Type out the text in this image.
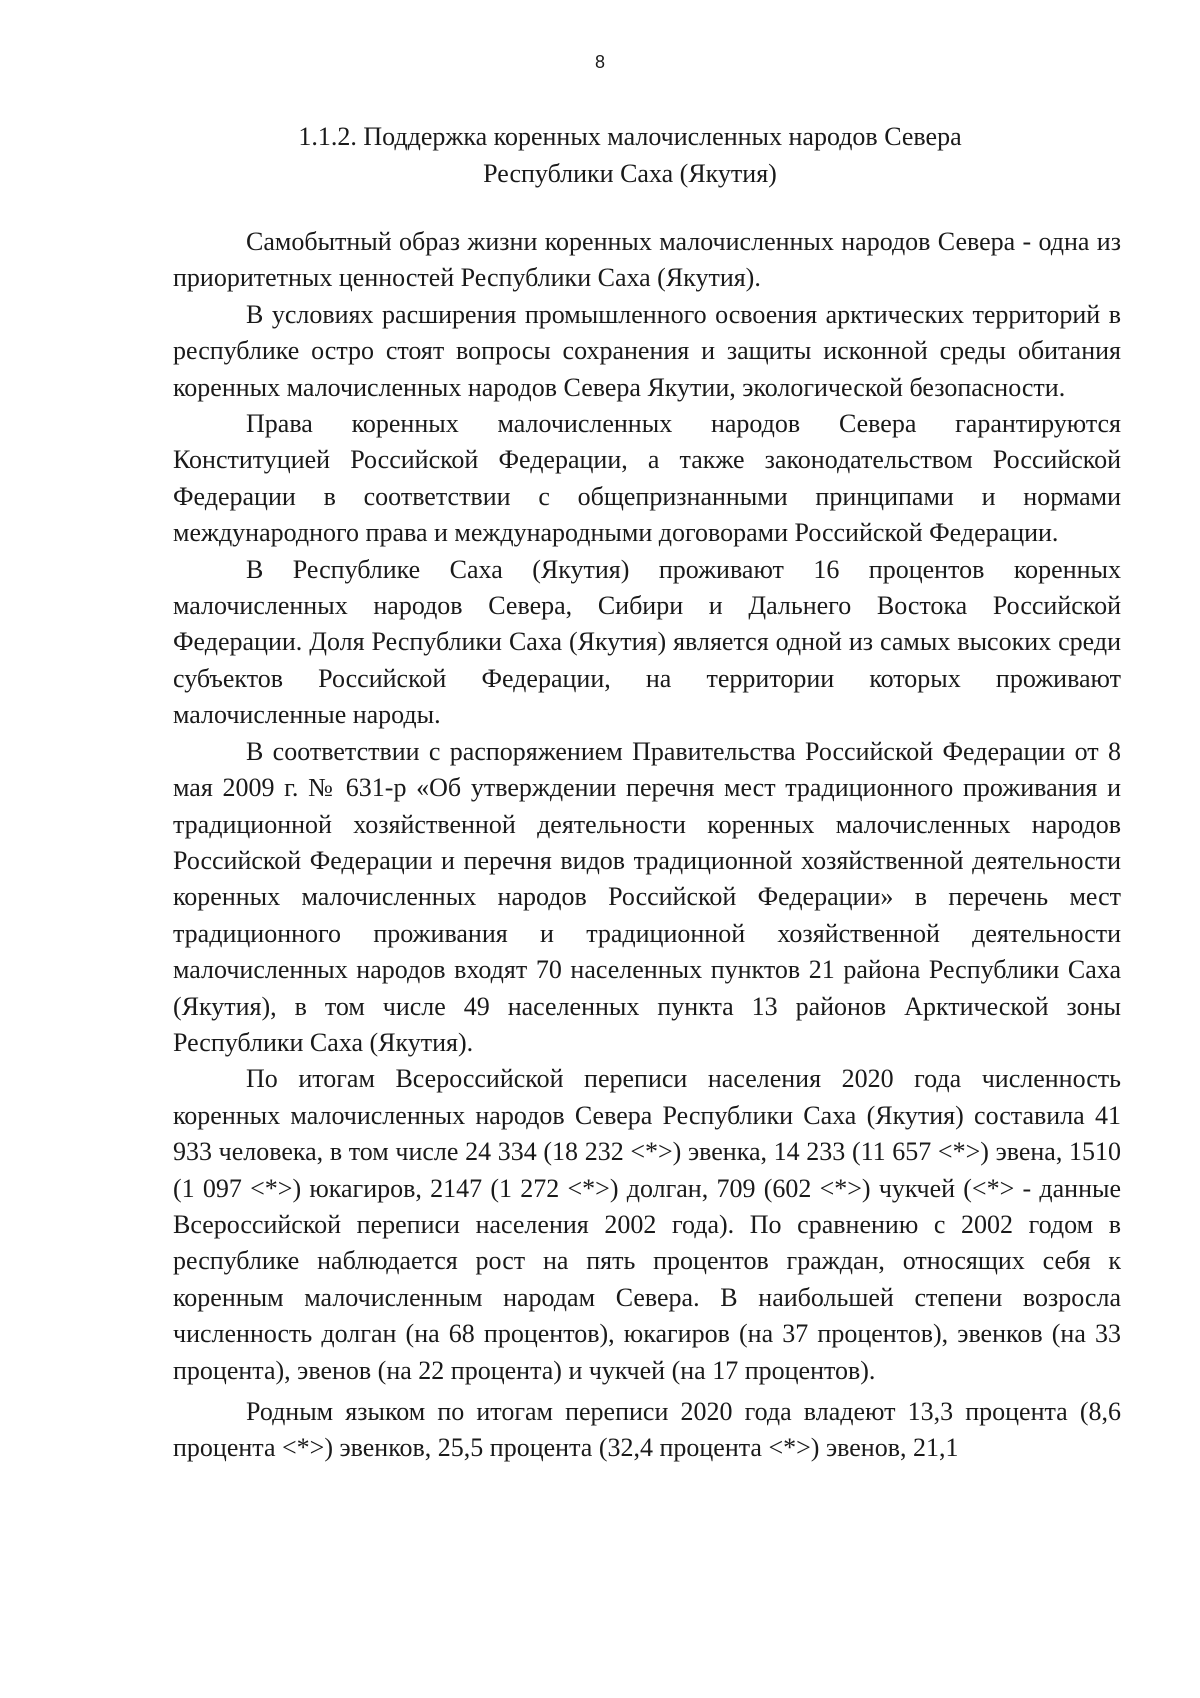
8
1.1.2. Поддержка коренных малочисленных народов Севера
Республики Саха (Якутия)

Самобытный образ жизни коренных малочисленных народов Севера - одна из приоритетных ценностей Республики Саха (Якутия).

В условиях расширения промышленного освоения арктических территорий в республике остро стоят вопросы сохранения и защиты исконной среды обитания коренных малочисленных народов Севера Якутии, экологической безопасности.

Права коренных малочисленных народов Севера гарантируются Конституцией Российской Федерации, а также законодательством Российской Федерации в соответствии с общепризнанными принципами и нормами международного права и международными договорами Российской Федерации.

В Республике Саха (Якутия) проживают 16 процентов коренных малочисленных народов Севера, Сибири и Дальнего Востока Российской Федерации. Доля Республики Саха (Якутия) является одной из самых высоких среди субъектов Российской Федерации, на территории которых проживают малочисленные народы.

В соответствии с распоряжением Правительства Российской Федерации от 8 мая 2009 г. № 631-р «Об утверждении перечня мест традиционного проживания и традиционной хозяйственной деятельности коренных малочисленных народов Российской Федерации и перечня видов традиционной хозяйственной деятельности коренных малочисленных народов Российской Федерации» в перечень мест традиционного проживания и традиционной хозяйственной деятельности малочисленных народов входят 70 населенных пунктов 21 района Республики Саха (Якутия), в том числе 49 населенных пункта 13 районов Арктической зоны Республики Саха (Якутия).

По итогам Всероссийской переписи населения 2020 года численность коренных малочисленных народов Севера Республики Саха (Якутия) составила 41 933 человека, в том числе 24 334 (18 232 <*>) эвенка, 14 233 (11 657 <*>) эвена, 1510 (1 097 <*>) юкагиров, 2147 (1 272 <*>) долган, 709 (602 <*>) чукчей (<*> - данные Всероссийской переписи населения 2002 года). По сравнению с 2002 годом в республике наблюдается рост на пять процентов граждан, относящих себя к коренным малочисленным народам Севера. В наибольшей степени возросла численность долган (на 68 процентов), юкагиров (на 37 процентов), эвенков (на 33 процента), эвенов (на 22 процента) и чукчей (на 17 процентов).

Родным языком по итогам переписи 2020 года владеют 13,3 процента (8,6 процента <*>) эвенков, 25,5 процента (32,4 процента <*>) эвенов, 21,1
